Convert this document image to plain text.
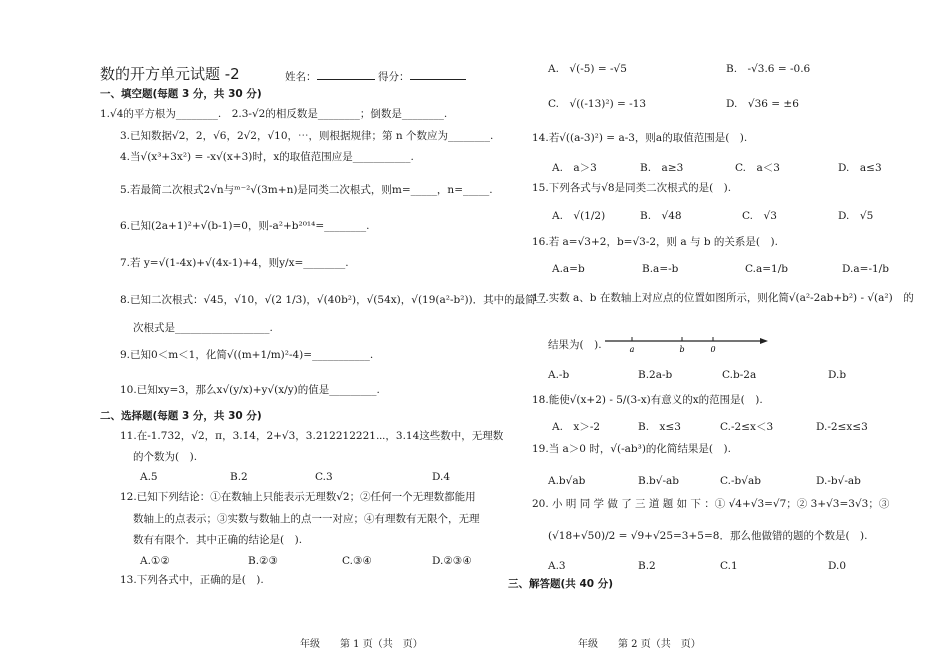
数的开方单元试题 -2	姓名：	得分：
一、填空题(每题 3 分，共 30 分)
1.√4的平方根为________.　2.3-√2的相反数是________；倒数是________.
3.已知数据√2，2，√6，2√2，√10，⋯，则根据规律；第 n 个数应为________.
4.当√(x³+3x²) = -x√(x+3)时，x的取值范围应是___________.
5.若最简二次根式2√n与ᵐ⁻²√(3m+n)是同类二次根式，则m=_____，n=_____.
6.已知(2a+1)²+√(b-1)=0，则-a²+b²⁰¹⁴=________.
7.若 y=√(1-4x)+√(4x-1)+4，则y/x=________.
8.已知二次根式：√45，√10，√(2 1/3)，√(40b²)，√(54x)，√(19(a²-b²))．其中的最简二
次根式是__________________.
9.已知0＜m＜1，化简√((m+1/m)²-4)=___________.
10.已知xy=3，那么x√(y/x)+y√(x/y)的值是_________.
二、选择题(每题 3 分，共 30 分)
11.在-1.732，√2，π，3.1̇4̇，2+√3，3.212212221⋯，3.14这些数中，无理数
的个数为(　).
A.5	B.2	C.3	D.4
12.已知下列结论：①在数轴上只能表示无理数√2；②任何一个无理数都能用
数轴上的点表示；③实数与数轴上的点一一对应；④有理数有无限个，无理
数有有限个．其中正确的结论是(　).
A.①②	B.②③	C.③④	D.②③④
13.下列各式中，正确的是(　).
年级　　第 1 页（共　页）
A.　√(-5) = -√5	B.　-√3.6 = -0.6
C.　√((-13)²) = -13	D.　√36 = ±6
14.若√((a-3)²) = a-3，则a的取值范围是(　).
A.　a＞3	B.　a≥3	C.　a＜3	D.　a≤3
15.下列各式与√8是同类二次根式的是(　).
A.　√(1/2)	B.　√48	C.　√3	D.　√5
16.若 a=√3+2，b=√3-2，则 a 与 b 的关系是(　).
A.a=b	B.a=-b	C.a=1/b	D.a=-1/b
17.实数 a、b 在数轴上对应点的位置如图所示，则化简√(a²-2ab+b²) - √(a²)　的
结果为(　).	a	b	0
A.-b	B.2a-b	C.b-2a	D.b
18.能使√(x+2) - 5/(3-x)有意义的x的范围是(　).
A.　x＞-2	B.　x≤3	C.-2≤x＜3	D.-2≤x≤3
19.当 a＞0 时，√(-ab³)的化简结果是(　).
A.b√ab	B.b√-ab	C.-b√ab	D.-b√-ab
20. 小 明 同 学 做 了 三 道 题 如 下 ：① √4+√3=√7；② 3+√3=3√3；③
(√18+√50)/2 = √9+√25=3+5=8．那么他做错的题的个数是(　).
A.3	B.2	C.1	D.0
三、解答题(共 40 分)
年级　　第 2 页（共　页）
